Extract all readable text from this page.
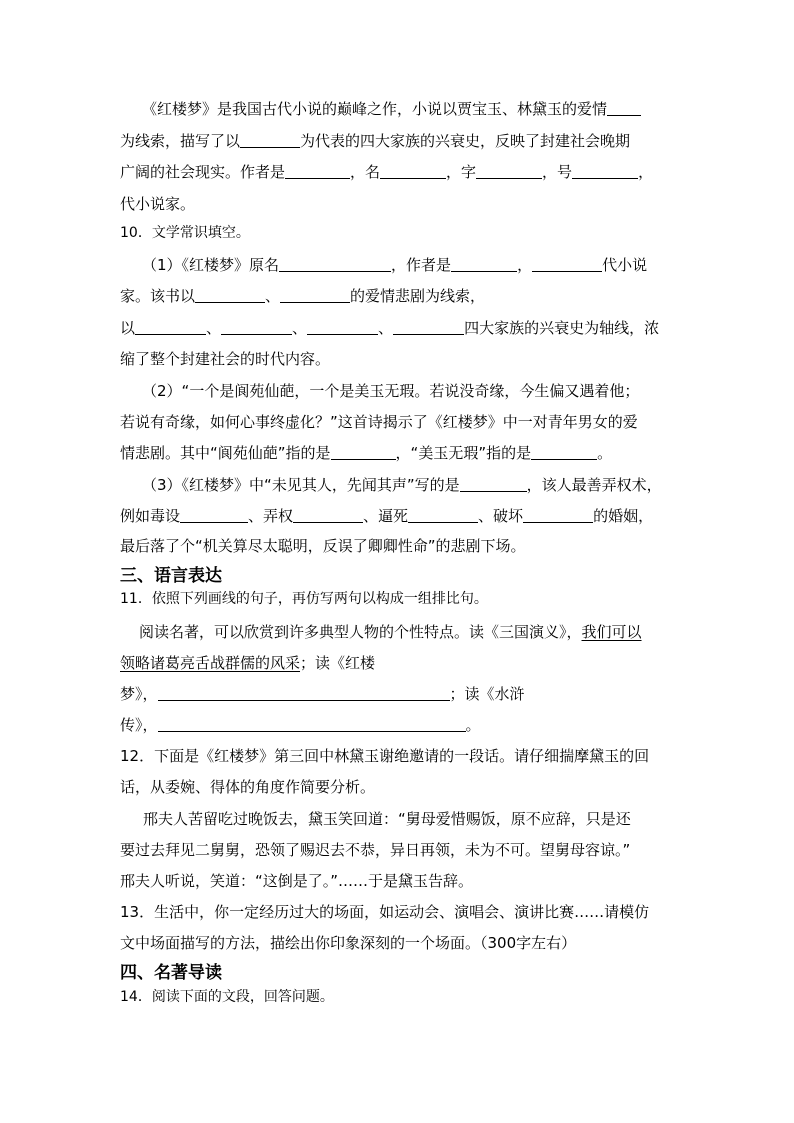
《红楼梦》是我国古代小说的巅峰之作，小说以贾宝玉、林黛玉的爱情

为线索，描写了以	为代表的四大家族的兴衰史，反映了封建社会晚期

广阔的社会现实。作者是	，名	，字	，号	，

代小说家。

10．文学常识填空。

（1）《红楼梦》原名	，作者是	，	代小说

家。该书以	、	的爱情悲剧为线索，

以	、	、	、	四大家族的兴衰史为轴线，浓

缩了整个封建社会的时代内容。

（2）“一个是阆苑仙葩，一个是美玉无瑕。若说没奇缘，今生偏又遇着他；

若说有奇缘，如何心事终虚化？”这首诗揭示了《红楼梦》中一对青年男女的爱

情悲剧。其中“阆苑仙葩”指的是	，“美玉无瑕”指的是	。

（3）《红楼梦》中“未见其人，先闻其声”写的是	，该人最善弄权术，

例如毒设	、弄权	、逼死	、破坏	的婚姻，

最后落了个“机关算尽太聪明，反误了卿卿性命”的悲剧下场。

三、语言表达

11．依照下列画线的句子，再仿写两句以构成一组排比句。

阅读名著，可以欣赏到许多典型人物的个性特点。读《三国演义》，我们可以

领略诸葛亮舌战群儒的风采；读《红楼

梦》，	；读《水浒

传》，	。

12．下面是《红楼梦》第三回中林黛玉谢绝邀请的一段话。请仔细揣摩黛玉的回

话，从委婉、得体的角度作简要分析。

邢夫人苦留吃过晚饭去，黛玉笑回道：“舅母爱惜赐饭，原不应辞，只是还

要过去拜见二舅舅，恐领了赐迟去不恭，异日再领，未为不可。望舅母容谅。”

邢夫人听说，笑道：“这倒是了。”……于是黛玉告辞。

13．生活中，你一定经历过大的场面，如运动会、演唱会、演讲比赛……请模仿

文中场面描写的方法，描绘出你印象深刻的一个场面。（300字左右）

四、名著导读

14．阅读下面的文段，回答问题。
